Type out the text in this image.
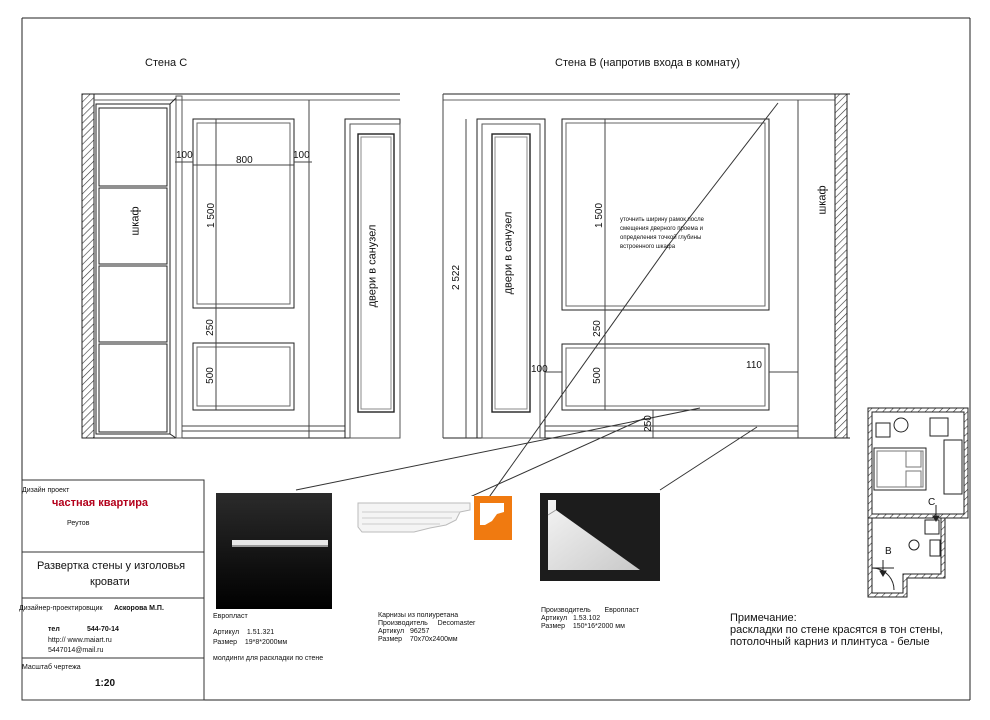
Стена С	Стена В (напротив входа в комнату)
100	800	100
1 500
250
500
шкаф
двери в санузел	2 522	двери в санузел	1 500
250
500
250
100	110
шкаф
уточнить ширину рамок после
смещения дверного проема и
определения точкой глубины
встроенного шкафа
Дизайн проект
частная квартира
Реутов
Развертка стены у изголовья
кровати
Дизайнер-проектировщик Аскорова М.П.
тел	544-70-14
http:// www.maiart.ru
5447014@mail.ru
Масштаб чертежа
1:20
Европласт
Артикул 1.51.321
Размер 19*8*2000мм
молдинги для раскладки по стене
Карнизы из полиуретана
Производитель Decomaster
Артикул 96257
Размер 70х70х2400мм
Производитель Европласт
Артикул 1.53.102
Размер 150*16*2000 мм
С
В
Примечание:
раскладки по стене красятся в тон стены,
потолочный карниз и плинтуса - белые
